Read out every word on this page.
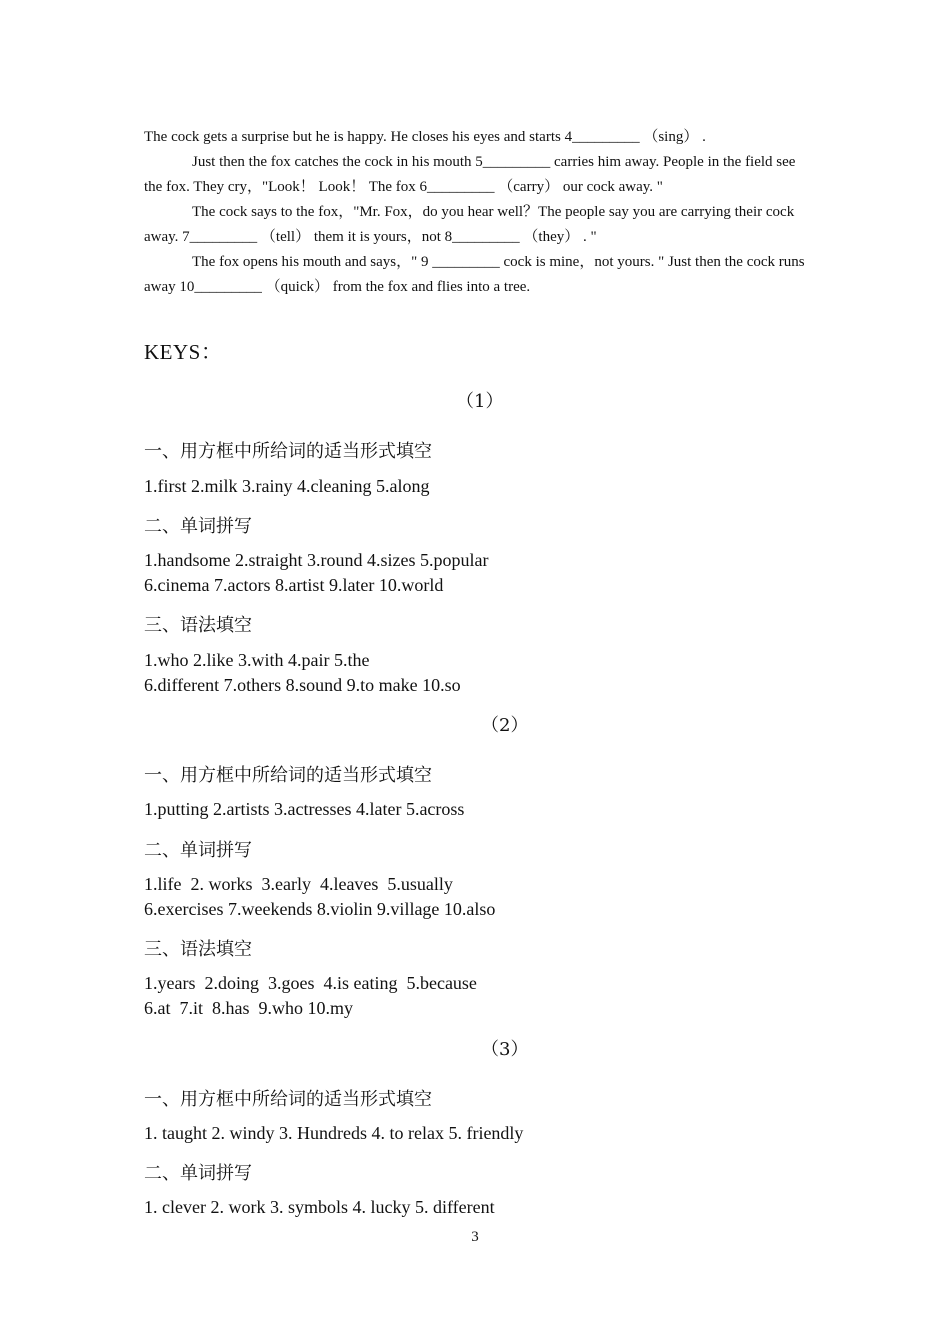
The cock gets a surprise but he is happy. He closes his eyes and starts 4_________ （sing） .

Just then the fox catches the cock in his mouth 5_________ carries him away. People in the field see the fox. They cry，"Look！ Look！ The fox 6_________ （carry） our cock away. "

The cock says to the fox，"Mr. Fox，do you hear well？The people say you are carrying their cock away. 7_________ （tell） them it is yours，not 8_________ （they） . "

The fox opens his mouth and says，" 9 _________ cock is mine，not yours. " Just then the cock runs away 10_________ （quick） from the fox and flies into a tree.

KEYS：
（1）
一、用方框中所给词的适当形式填空
1.first 2.milk 3.rainy 4.cleaning 5.along
二、单词拼写
1.handsome 2.straight 3.round 4.sizes 5.popular
6.cinema 7.actors 8.artist 9.later 10.world
三、语法填空
1.who 2.like 3.with 4.pair 5.the
6.different 7.others 8.sound 9.to make 10.so
（2）
一、用方框中所给词的适当形式填空
1.putting 2.artists 3.actresses 4.later 5.across
二、单词拼写
1.life  2. works  3.early  4.leaves  5.usually
6.exercises 7.weekends 8.violin 9.village 10.also
三、语法填空
1.years  2.doing  3.goes  4.is eating  5.because
6.at  7.it  8.has  9.who 10.my
（3）
一、用方框中所给词的适当形式填空
1. taught 2. windy 3. Hundreds 4. to relax 5. friendly
二、单词拼写
1. clever 2. work 3. symbols 4. lucky 5. different
3
